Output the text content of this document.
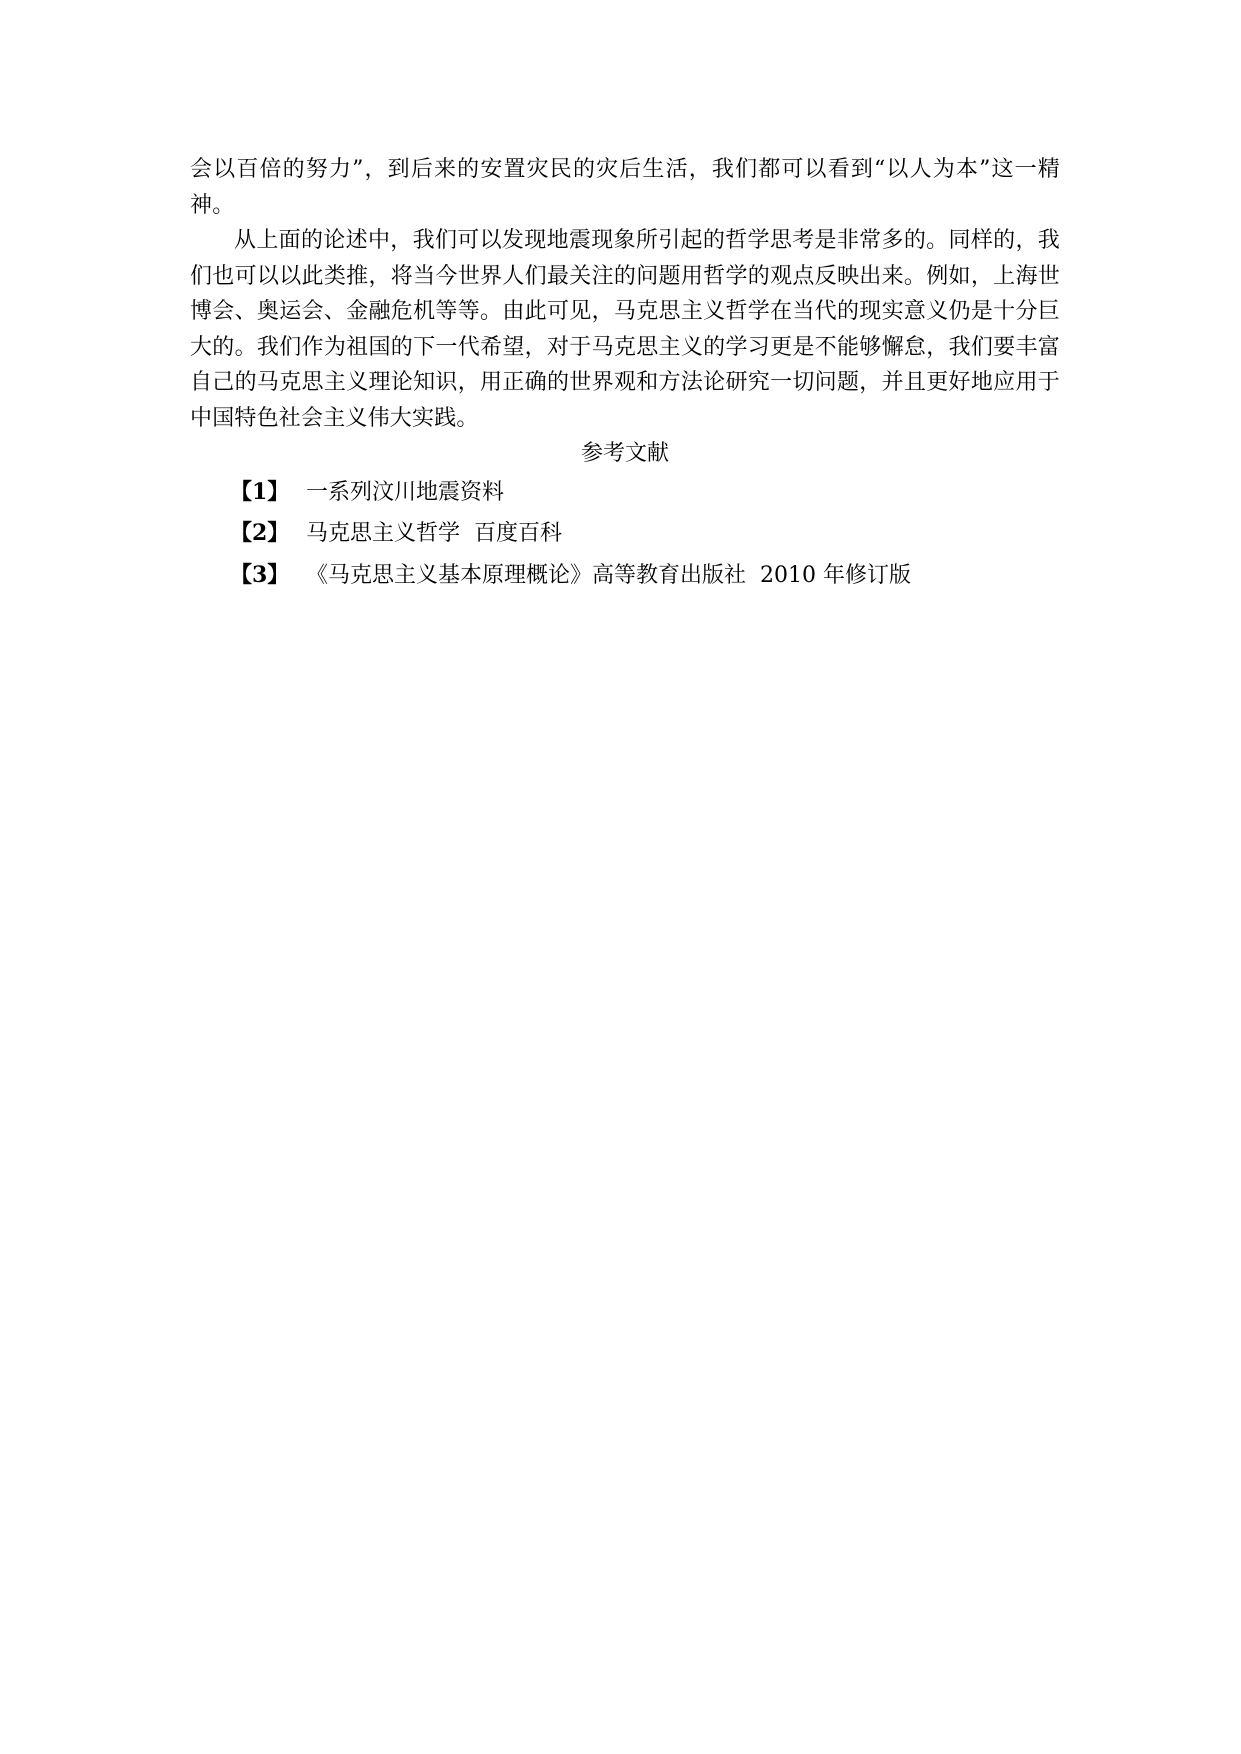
会以百倍的努力”，到后来的安置灾民的灾后生活，我们都可以看到“以人为本”这一精神。

从上面的论述中，我们可以发现地震现象所引起的哲学思考是非常多的。同样的，我们也可以以此类推，将当今世界人们最关注的问题用哲学的观点反映出来。例如，上海世博会、奥运会、金融危机等等。由此可见，马克思主义哲学在当代的现实意义仍是十分巨大的。我们作为祖国的下一代希望，对于马克思主义的学习更是不能够懈怠，我们要丰富自己的马克思主义理论知识，用正确的世界观和方法论研究一切问题，并且更好地应用于中国特色社会主义伟大实践。

参考文献

【1】 一系列汶川地震资料
【2】 马克思主义哲学  百度百科
【3】 《马克思主义基本原理概论》高等教育出版社  2010 年修订版
